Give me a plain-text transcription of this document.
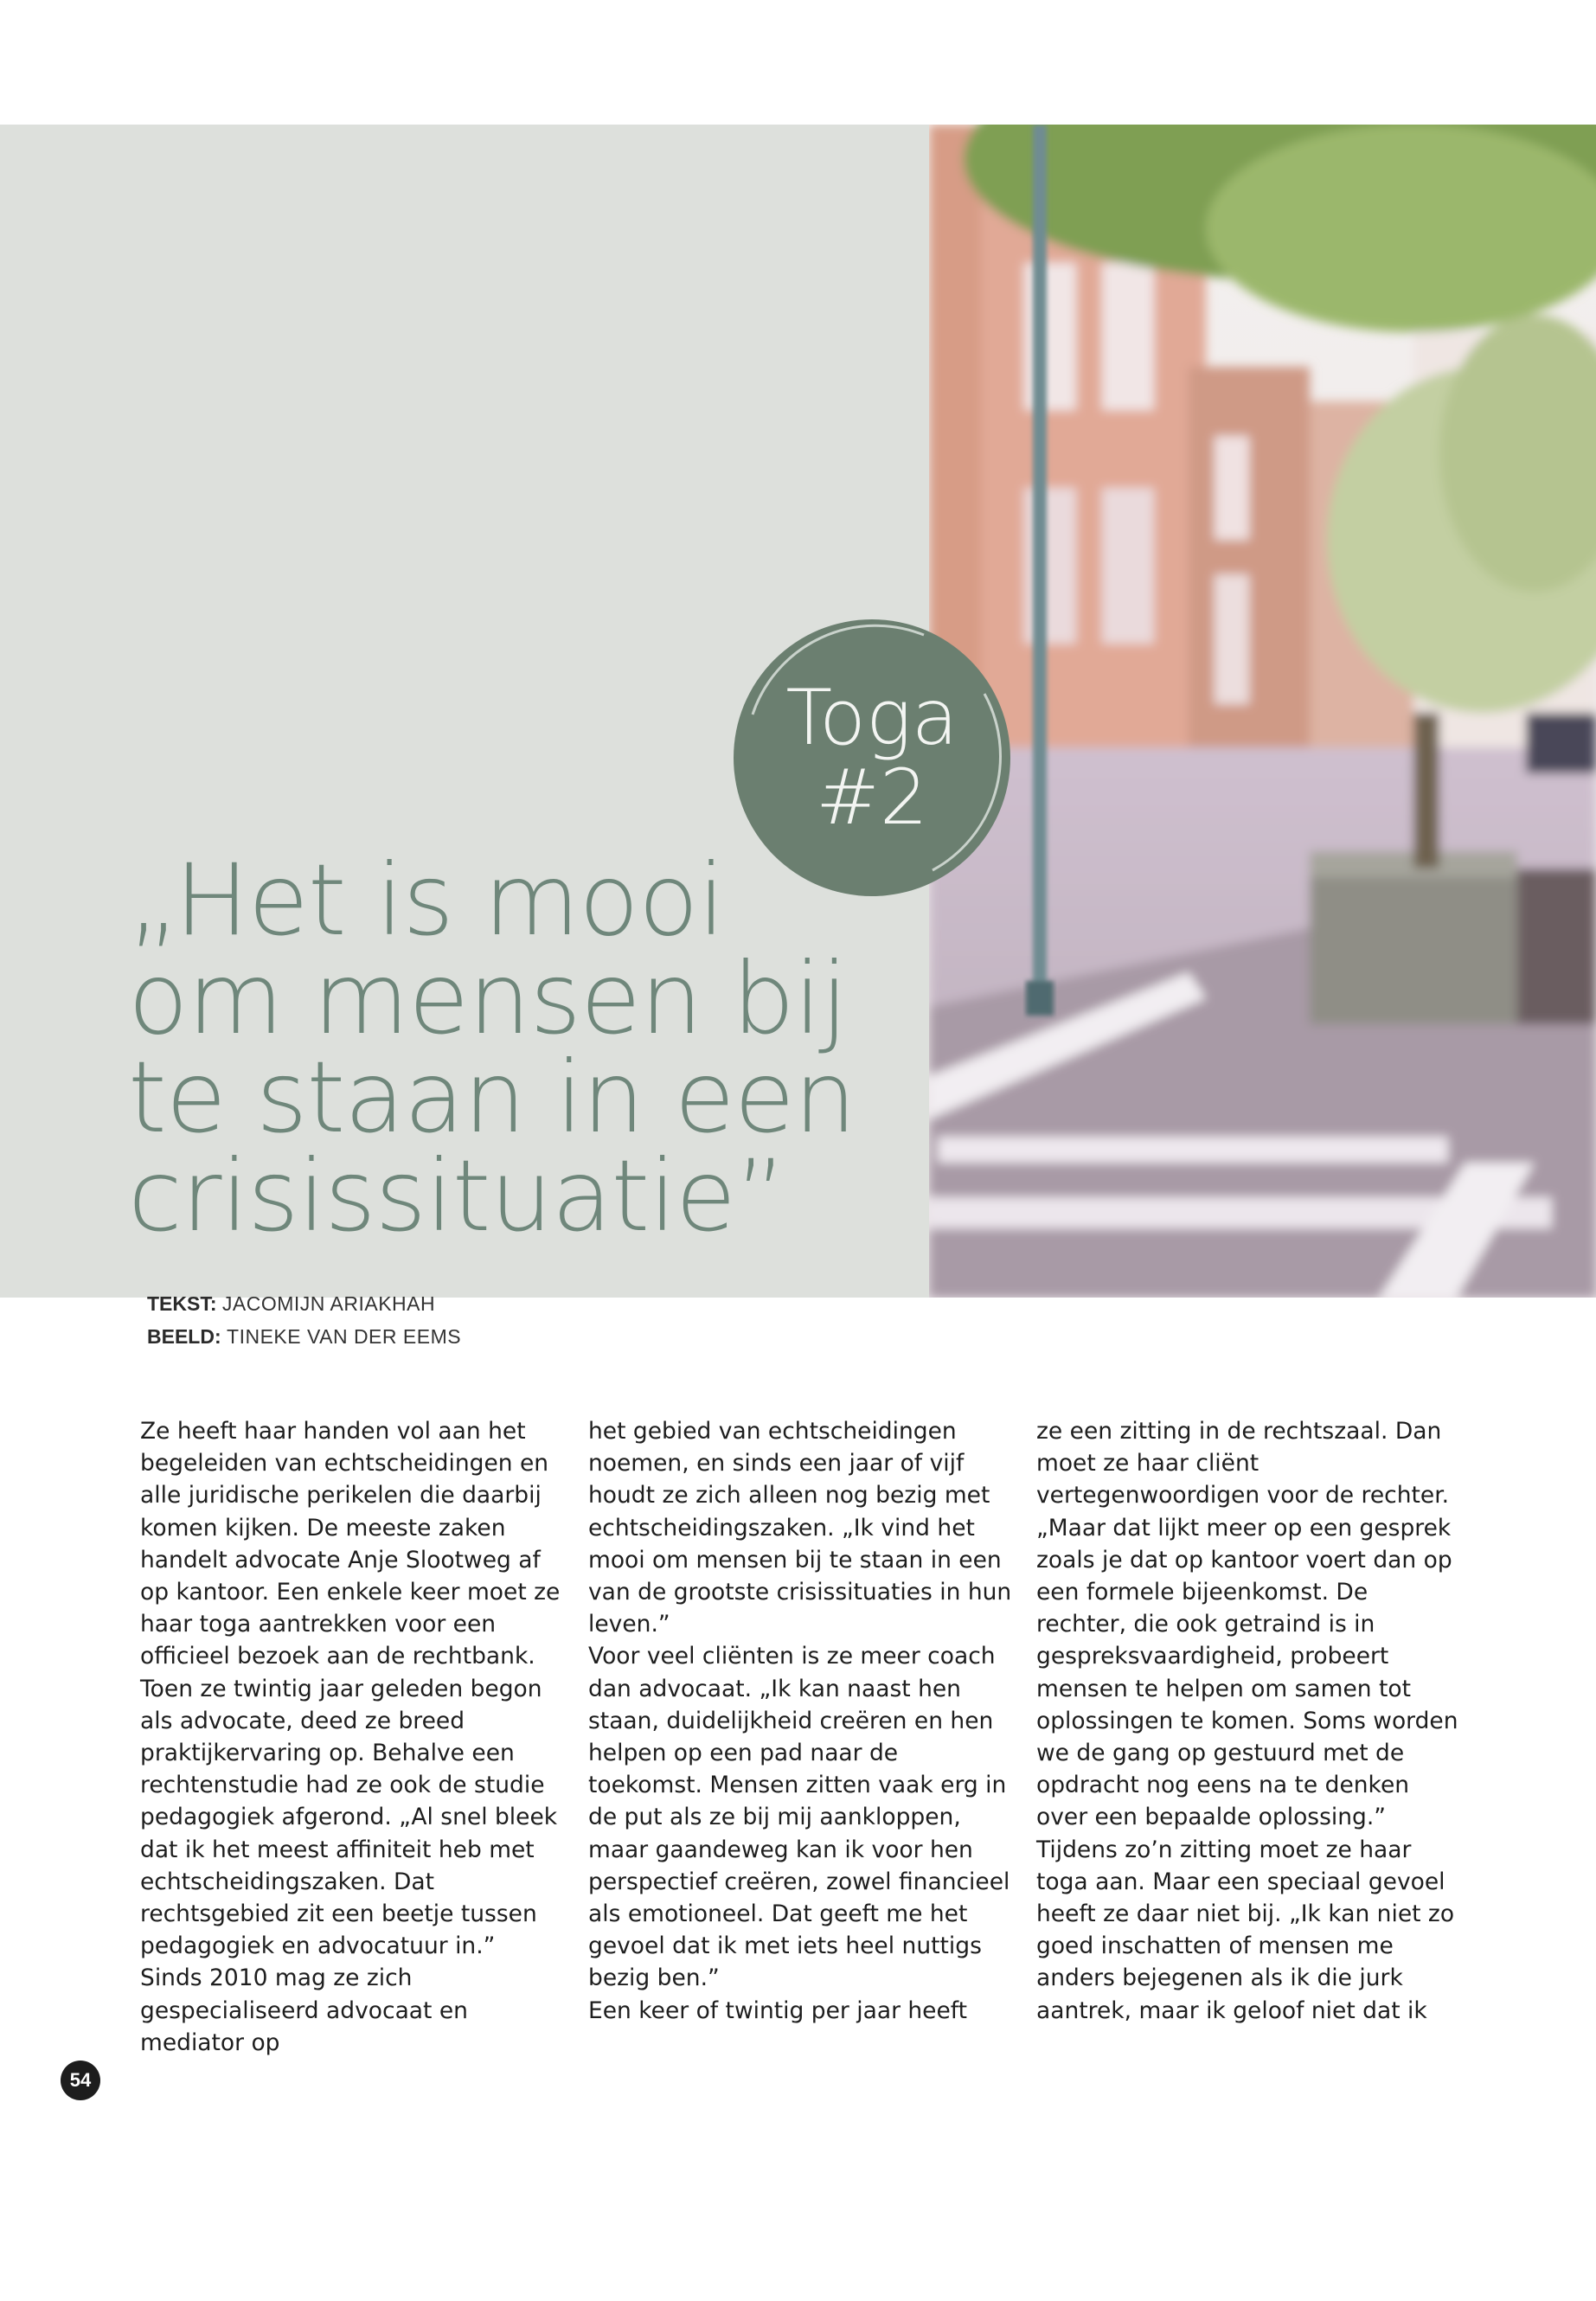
„Het is mooi
om mensen bij
te staan in een
crisissituatie”
TEKST: JACOMIJN ARIAKHAH
BEELD: TINEKE VAN DER EEMS
Toga
#2

Ze heeft haar handen vol aan het begeleiden van echtscheidingen en alle juridische perikelen die daarbij komen kijken. De meeste zaken handelt advocate Anje Slootweg af op kantoor. Een enkele keer moet ze haar toga aantrekken voor een officieel bezoek aan de rechtbank. Toen ze twintig jaar geleden begon als advocate, deed ze breed praktijkervaring op. Behalve een rechtenstudie had ze ook de studie pedagogiek afgerond. „Al snel bleek dat ik het meest affiniteit heb met echtscheidingszaken. Dat rechtsgebied zit een beetje tussen pedagogiek en advocatuur in.”

Sinds 2010 mag ze zich gespecialiseerd advocaat en mediator op

het gebied van echtscheidingen noemen, en sinds een jaar of vijf houdt ze zich alleen nog bezig met echtscheidingszaken. „Ik vind het mooi om mensen bij te staan in een van de grootste crisissituaties in hun leven.”

Voor veel cliënten is ze meer coach dan advocaat. „Ik kan naast hen staan, duidelijkheid creëren en hen helpen op een pad naar de toekomst. Mensen zitten vaak erg in de put als ze bij mij aankloppen, maar gaandeweg kan ik voor hen perspectief creëren, zowel financieel als emotioneel. Dat geeft me het gevoel dat ik met iets heel nuttigs bezig ben.”

Een keer of twintig per jaar heeft

ze een zitting in de rechtszaal. Dan moet ze haar cliënt vertegenwoordigen voor de rechter. „Maar dat lijkt meer op een gesprek zoals je dat op kantoor voert dan op een formele bijeenkomst. De rechter, die ook getraind is in gespreksvaardigheid, probeert mensen te helpen om samen tot oplossingen te komen. Soms worden we de gang op gestuurd met de opdracht nog eens na te denken over een bepaalde oplossing.”

Tijdens zo’n zitting moet ze haar toga aan. Maar een speciaal gevoel heeft ze daar niet bij. „Ik kan niet zo goed inschatten of mensen me anders bejegenen als ik die jurk aantrek, maar ik geloof niet dat ik

54
